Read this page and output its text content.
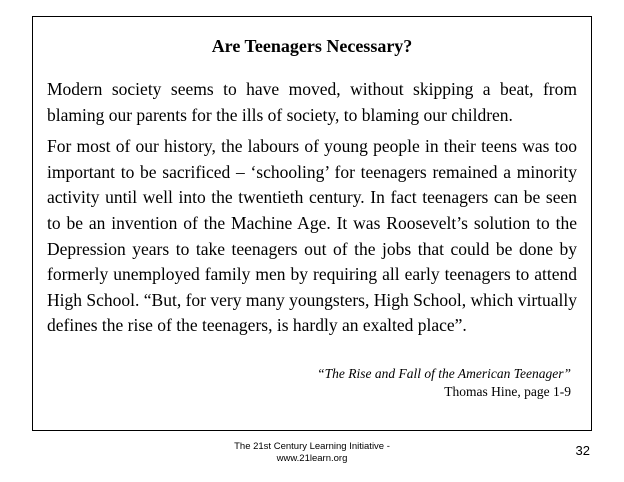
Are Teenagers Necessary?

Modern society seems to have moved, without skipping a beat, from blaming our parents for the ills of society, to blaming our children.

For most of our history, the labours of young people in their teens was too important to be sacrificed – ‘schooling’ for teenagers remained a minority activity until well into the twentieth century. In fact teenagers can be seen to be an invention of the Machine Age. It was Roosevelt’s solution to the Depression years to take teenagers out of the jobs that could be done by formerly unemployed family men by requiring all early teenagers to attend High School. “But, for very many youngsters, High School, which virtually defines the rise of the teenagers, is hardly an exalted place”.

“The Rise and Fall of the American Teenager”
Thomas Hine, page 1-9
The 21st Century Learning Initiative -
www.21learn.org
32
